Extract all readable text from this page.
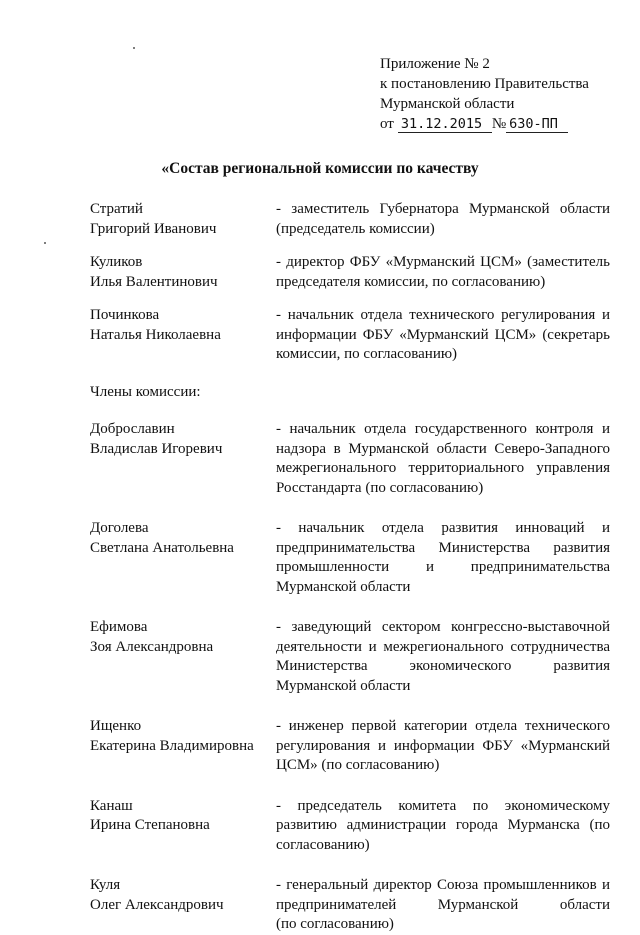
Приложение № 2
к постановлению Правительства
Мурманской области
от 31.12.2015 № 630-ПП
«Состав региональной комиссии по качеству
Стратий
Григорий Иванович
- заместитель Губернатора Мурманской области
(председатель комиссии)
Куликов
Илья Валентинович
- директор ФБУ «Мурманский ЦСМ» (заместитель
председателя комиссии, по согласованию)
Починкова
Наталья Николаевна
- начальник отдела технического регулирования и
информации ФБУ «Мурманский ЦСМ» (секретарь
комиссии, по согласованию)
Члены комиссии:
Доброславин
Владислав Игоревич
- начальник отдела государственного контроля и
надзора в Мурманской области Северо-Западного
межрегионального территориального управления
Росстандарта (по согласованию)
Доголева
Светлана Анатольевна
- начальник отдела развития инноваций и
предпринимательства Министерства развития
промышленности и предпринимательства
Мурманской области
Ефимова
Зоя Александровна
- заведующий сектором конгрессно-выставочной
деятельности и межрегионального сотрудничества
Министерства экономического развития
Мурманской области
Ищенко
Екатерина Владимировна
- инженер первой категории отдела технического
регулирования и информации ФБУ «Мурманский
ЦСМ» (по согласованию)
Канаш
Ирина Степановна
- председатель комитета по экономическому
развитию администрации города Мурманска (по
согласованию)
Куля
Олег Александрович
- генеральный директор Союза промышленников и
предпринимателей Мурманской области
(по согласованию)
